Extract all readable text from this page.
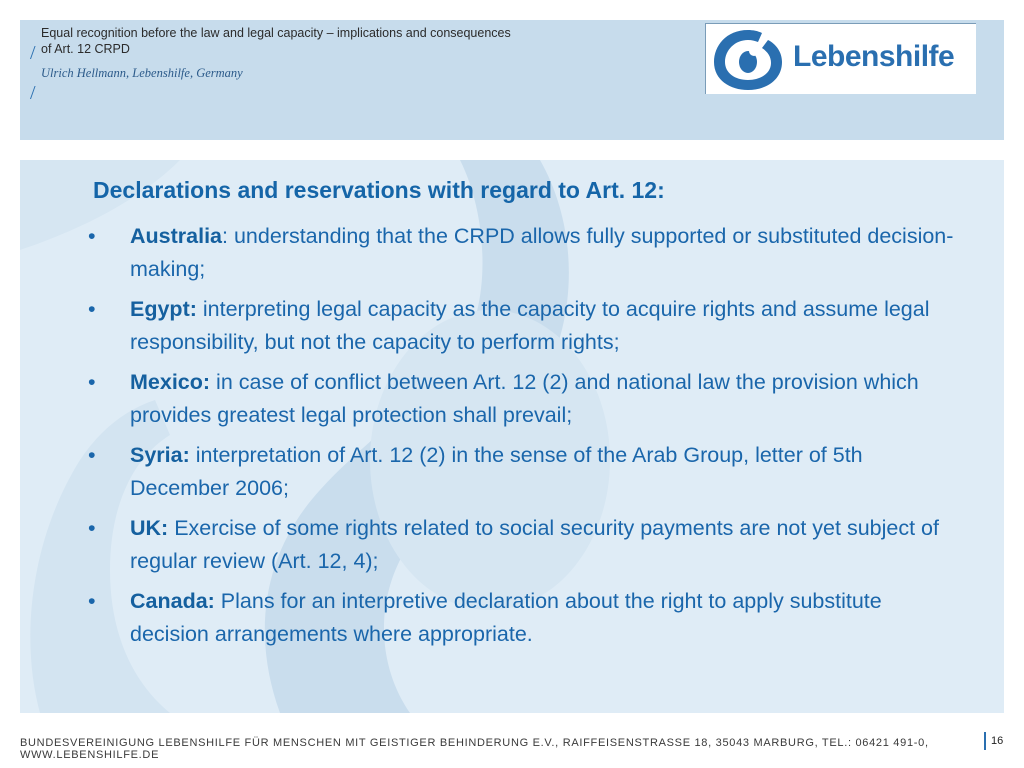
/
Equal recognition before the law and legal capacity – implications and consequences
of Art. 12 CRPD
/
Ulrich Hellmann, Lebenshilfe, Germany	Lebenshilfe
Declarations and reservations with regard to Art. 12:
•	Australia: understanding that the CRPD allows fully supported or substituted decision-making;
•	Egypt: interpreting legal capacity as the capacity to acquire rights and assume legal responsibility, but not the capacity to perform rights;
•	Mexico: in case of conflict between Art. 12 (2) and national law the provision which provides greatest legal protection shall prevail;
•	Syria: interpretation of Art. 12 (2) in the sense of the Arab Group, letter of 5th December 2006;
•	UK: Exercise of some rights related to social security payments are not yet subject of regular review (Art. 12, 4);
•	Canada: Plans for an interpretive declaration about the right to apply substitute decision arrangements where appropriate.
BUNDESVEREINIGUNG LEBENSHILFE FÜR MENSCHEN MIT GEISTIGER BEHINDERUNG E.V., RAIFFEISENSTRASSE 18, 35043 MARBURG, TEL.: 06421 491-0, WWW.LEBENSHILFE.DE
16
